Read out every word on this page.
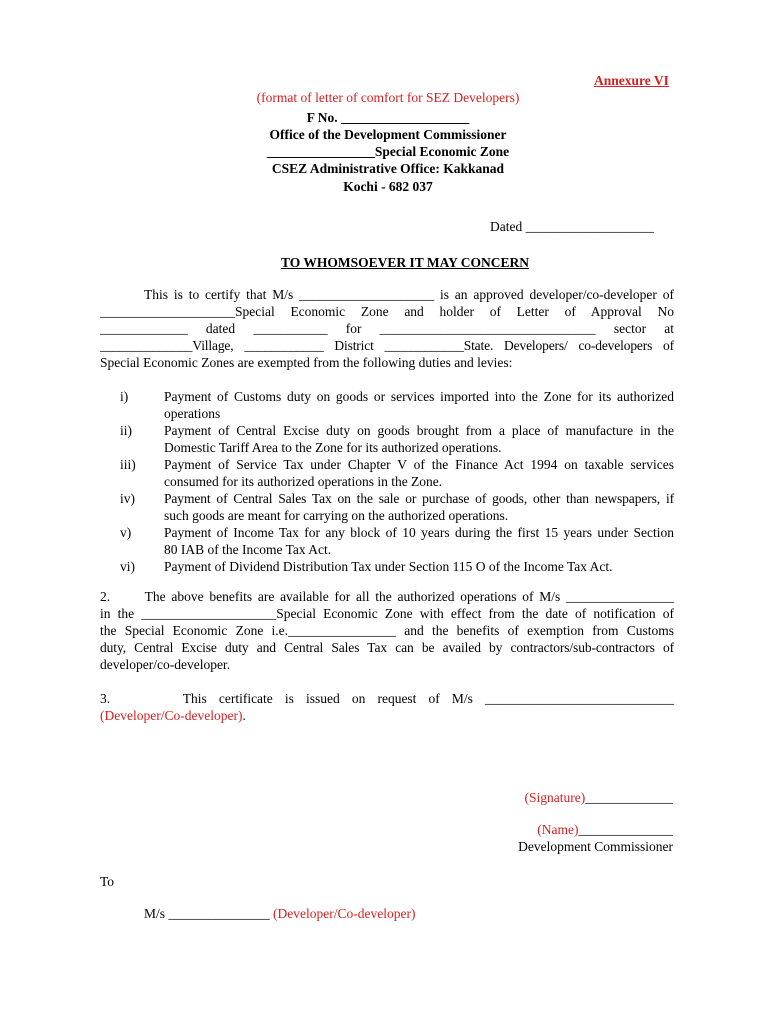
Annexure VI
(format of letter of comfort for SEZ Developers)
F No. ___________________
Office of the Development Commissioner
________________Special Economic Zone
CSEZ Administrative Office: Kakkanad
Kochi - 682 037
Dated ___________________
TO WHOMSOEVER IT MAY CONCERN
This is to certify that M/s ____________________ is an approved developer/co-developer of
____________________Special Economic Zone and holder of Letter of Approval No
_____________ dated ___________ for ________________________________ sector at
______________Village, ____________ District ____________State. Developers/ co-developers of
Special Economic Zones are exempted from the following duties and levies:
i)	Payment of Customs duty on goods or services imported into the Zone for its authorized
operations
ii) Payment of Central Excise duty on goods brought from a place of manufacture in the
Domestic Tariff Area to the Zone for its authorized operations.
iii) Payment of Service Tax under Chapter V of the Finance Act 1994 on taxable services
consumed for its authorized operations in the Zone.
iv) Payment of Central Sales Tax on the sale or purchase of goods, other than newspapers, if
such goods are meant for carrying on the authorized operations.
v) Payment of Income Tax for any block of 10 years during the first 15 years under Section
80 IAB of the Income Tax Act.
vi) Payment of Dividend Distribution Tax under Section 115 O of the Income Tax Act.
2.      The above benefits are available for all the authorized operations of M/s ________________
in the ____________________Special Economic Zone with effect from the date of notification of
the Special Economic Zone i.e.________________ and the benefits of exemption from Customs
duty, Central Excise duty and Central Sales Tax can be availed by contractors/sub-contractors of
developer/co-developer.
3.      This certificate is issued on request of M/s ____________________________
(Developer/Co-developer).
(Signature)_____________
(Name)______________
Development Commissioner
To
M/s _______________ (Developer/Co-developer)
